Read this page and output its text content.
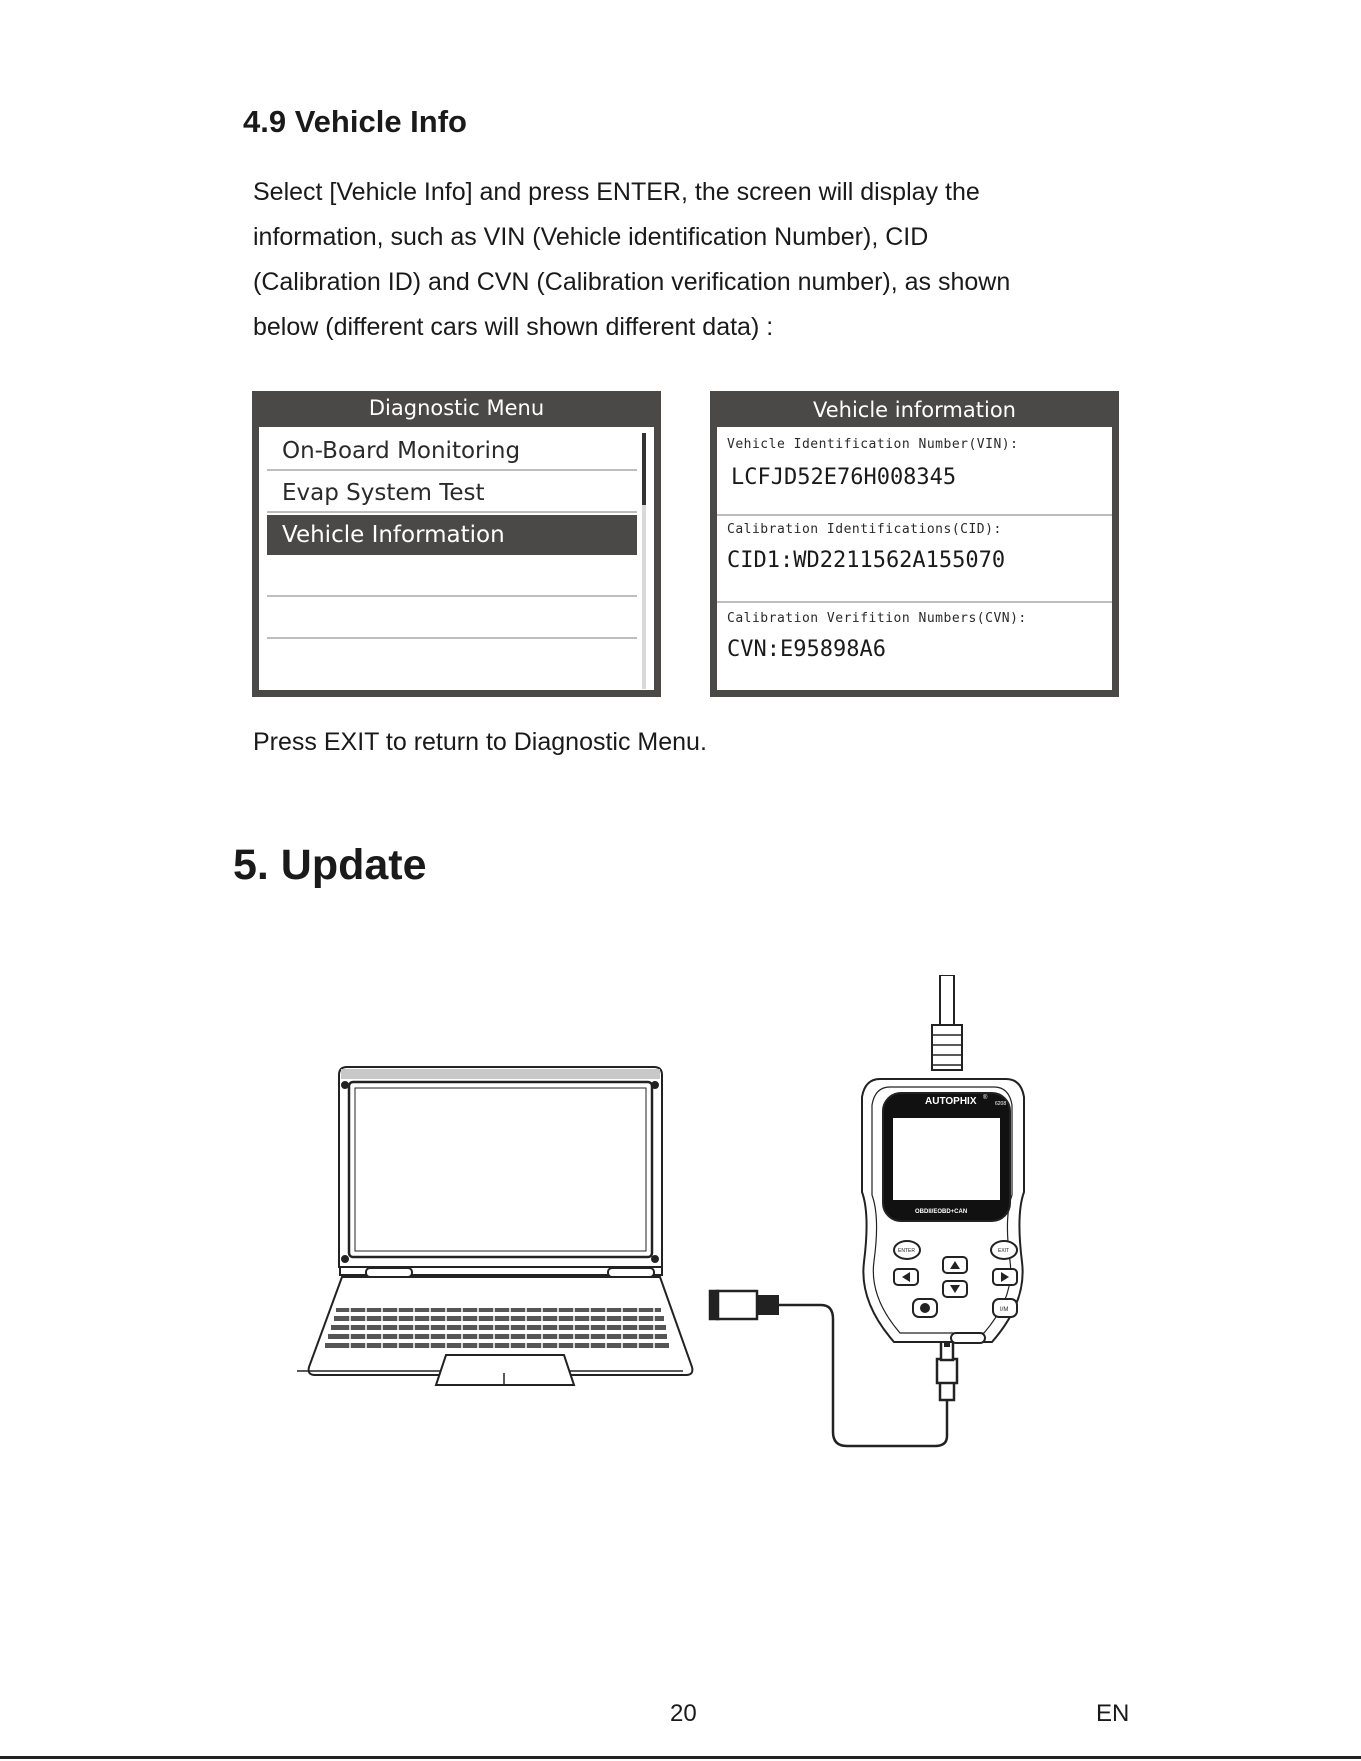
4.9 Vehicle Info
Select [Vehicle Info] and press ENTER, the screen will display the
information, such as VIN (Vehicle identification Number), CID
(Calibration ID) and CVN (Calibration verification number), as shown
below (different cars will shown different data) :
Diagnostic Menu
On-Board Monitoring
Evap System Test
Vehicle Information
Vehicle information
Vehicle Identification Number(VIN):
LCFJD52E76H008345
Calibration Identifications(CID):
CID1:WD2211562A155070
Calibration Verifition Numbers(CVN):
CVN:E95898A6

Press EXIT to return to Diagnostic Menu.

5. Update
AUTOPHIX ®
6208
OBDII/EOBD+CAN
ENTER	EXIT
I/M
20	EN
